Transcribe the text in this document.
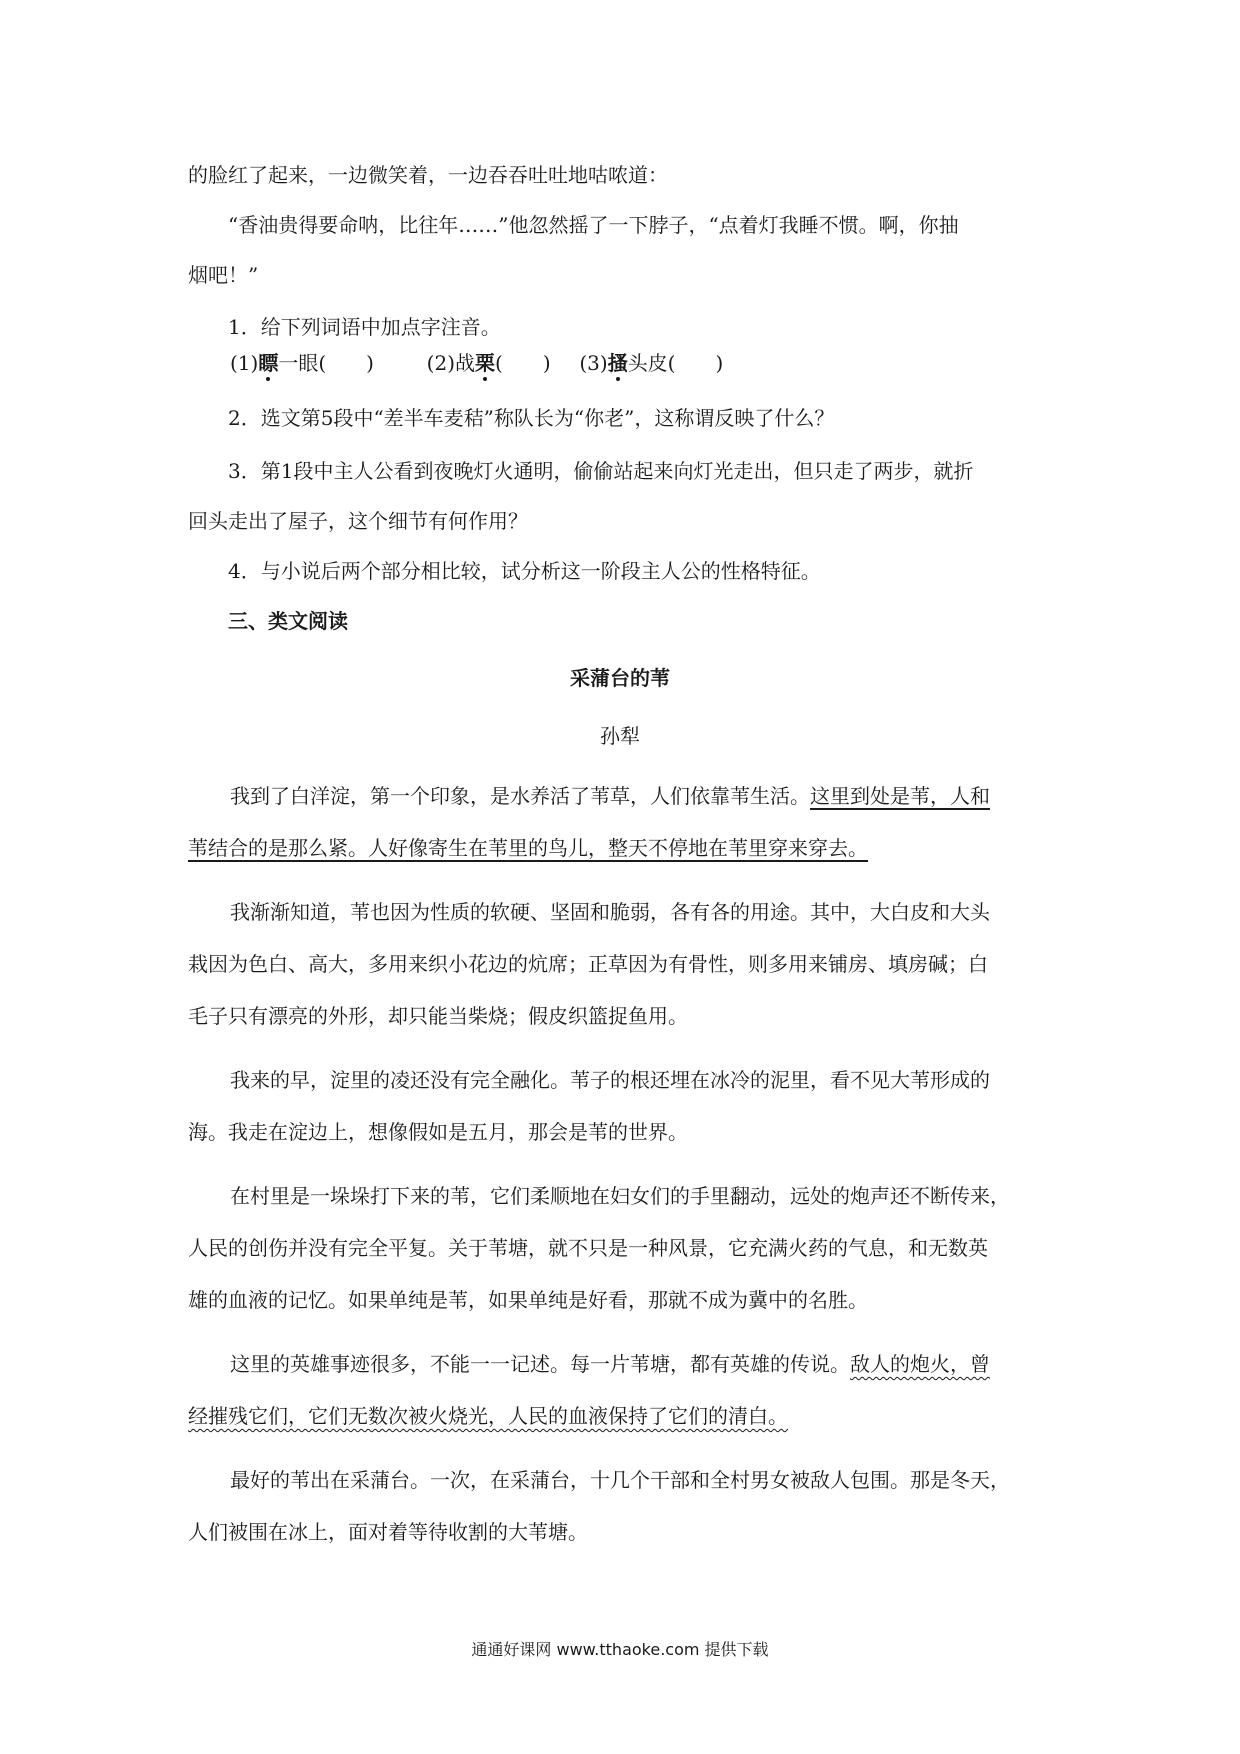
的脸红了起来，一边微笑着，一边吞吞吐吐地咕哝道：
“香油贵得要命呐，比往年……”他忽然摇了一下脖子，“点着灯我睡不惯。啊，你抽
烟吧！”
1．给下列词语中加点字注音。
(1)瞟一眼(　　)	(2)战栗(　　) (3)搔头皮(　　)
2．选文第5段中“差半车麦秸”称队长为“你老”，这称谓反映了什么？
3．第1段中主人公看到夜晚灯火通明，偷偷站起来向灯光走出，但只走了两步，就折
回头走出了屋子，这个细节有何作用？
4．与小说后两个部分相比较，试分析这一阶段主人公的性格特征。
三、类文阅读
采蒲台的苇
孙犁
我到了白洋淀，第一个印象，是水养活了苇草，人们依靠苇生活。这里到处是苇，人和
苇结合的是那么紧。人好像寄生在苇里的鸟儿，整天不停地在苇里穿来穿去。
我渐渐知道，苇也因为性质的软硬、坚固和脆弱，各有各的用途。其中，大白皮和大头
栽因为色白、高大，多用来织小花边的炕席；正草因为有骨性，则多用来铺房、填房碱；白
毛子只有漂亮的外形，却只能当柴烧；假皮织篮捉鱼用。
我来的早，淀里的凌还没有完全融化。苇子的根还埋在冰冷的泥里，看不见大苇形成的
海。我走在淀边上，想像假如是五月，那会是苇的世界。
在村里是一垛垛打下来的苇，它们柔顺地在妇女们的手里翻动，远处的炮声还不断传来，
人民的创伤并没有完全平复。关于苇塘，就不只是一种风景，它充满火药的气息，和无数英
雄的血液的记忆。如果单纯是苇，如果单纯是好看，那就不成为冀中的名胜。
这里的英雄事迹很多，不能一一记述。每一片苇塘，都有英雄的传说。敌人的炮火，曾
经摧残它们，它们无数次被火烧光，人民的血液保持了它们的清白。
最好的苇出在采蒲台。一次，在采蒲台，十几个干部和全村男女被敌人包围。那是冬天，
人们被围在冰上，面对着等待收割的大苇塘。
通通好课网 www.tthaoke.com 提供下载
